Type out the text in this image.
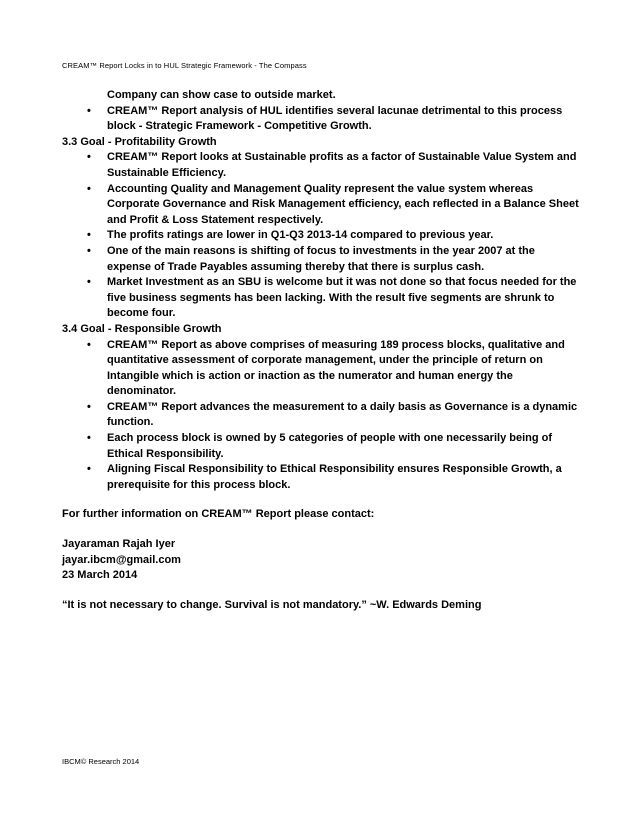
CREAM™ Report Locks in to HUL Strategic Framework - The Compass
Company can show case to outside market.
• CREAM™ Report analysis of HUL identifies several lacunae detrimental to this process
block - Strategic Framework - Competitive Growth.
3.3 Goal - Profitability Growth
• CREAM™ Report looks at Sustainable profits as a factor of Sustainable Value System and
Sustainable Efficiency.
• Accounting Quality and Management Quality represent the value system whereas
Corporate Governance and Risk Management efficiency, each reflected in a Balance Sheet
and Profit & Loss Statement respectively.
• The profits ratings are lower in Q1-Q3 2013-14 compared to previous year.
• One of the main reasons is shifting of focus to investments in the year 2007 at the
expense of Trade Payables assuming thereby that there is surplus cash.
• Market Investment as an SBU is welcome but it was not done so that focus needed for the
five business segments has been lacking. With the result five segments are shrunk to
become four.
3.4 Goal - Responsible Growth
• CREAM™ Report as above comprises of measuring 189 process blocks, qualitative and
quantitative assessment of corporate management, under the principle of return on
Intangible which is action or inaction as the numerator and human energy the
denominator.
• CREAM™ Report advances the measurement to a daily basis as Governance is a dynamic
function.
• Each process block is owned by 5 categories of people with one necessarily being of
Ethical Responsibility.
• Aligning Fiscal Responsibility to Ethical Responsibility ensures Responsible Growth, a
prerequisite for this process block.
For further information on CREAM™ Report please contact:
Jayaraman Rajah Iyer
jayar.ibcm@gmail.com
23 March 2014
“It is not necessary to change. Survival is not mandatory.” ~W. Edwards Deming
IBCM© Research 2014
